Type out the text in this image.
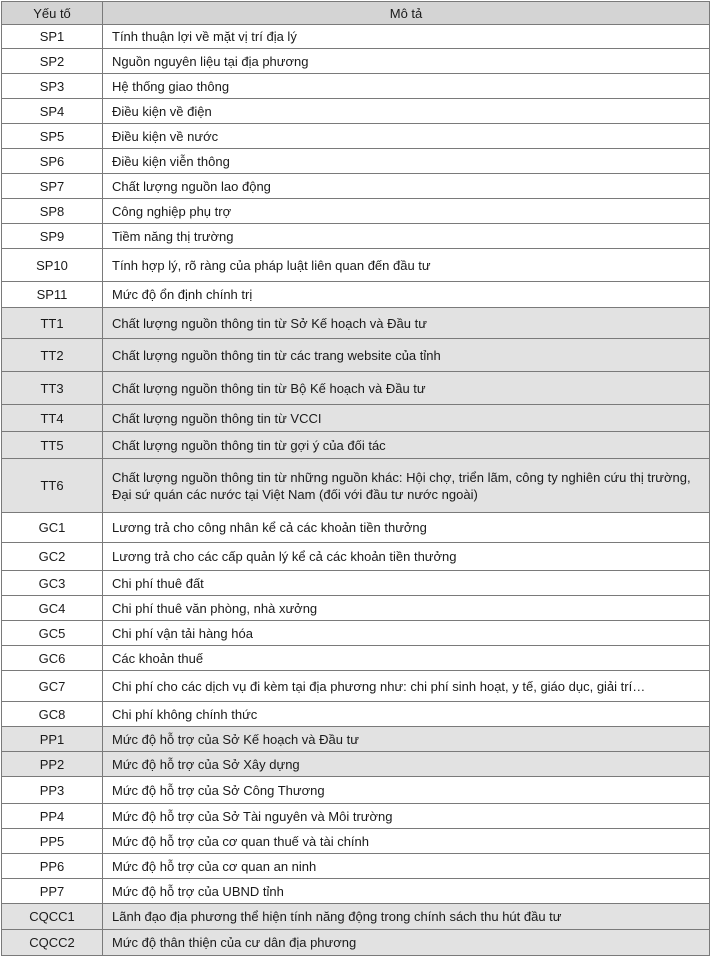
Yếu tố	Mô tả
SP1	Tính thuận lợi về mặt vị trí địa lý
SP2	Nguồn nguyên liệu tại địa phương
SP3	Hệ thống giao thông
SP4	Điều kiện về điện
SP5	Điều kiện về nước
SP6	Điều kiện viễn thông
SP7	Chất lượng nguồn lao động
SP8	Công nghiệp phụ trợ
SP9	Tiềm năng thị trường
SP10	Tính hợp lý, rõ ràng của pháp luật liên quan đến đầu tư
SP11	Mức độ ổn định chính trị
TT1	Chất lượng nguồn thông tin từ Sở Kế hoạch và Đầu tư
TT2	Chất lượng nguồn thông tin từ các trang website của tỉnh
TT3	Chất lượng nguồn thông tin từ Bộ Kế hoạch và Đầu tư
TT4	Chất lượng nguồn thông tin từ VCCI
TT5	Chất lượng nguồn thông tin từ gợi ý của đối tác
TT6	Chất lượng nguồn thông tin từ những nguồn khác: Hội chợ, triển lãm, công ty nghiên cứu thị trường, Đại sứ quán các nước tại Việt Nam (đối với đầu tư nước ngoài)
GC1	Lương trả cho công nhân kể cả các khoản tiền thưởng
GC2	Lương trả cho các cấp quản lý kể cả các khoản tiền thưởng
GC3	Chi phí thuê đất
GC4	Chi phí thuê văn phòng, nhà xưởng
GC5	Chi phí vận tải hàng hóa
GC6	Các khoản thuế
GC7	Chi phí cho các dịch vụ đi kèm tại địa phương như: chi phí sinh hoạt, y tế, giáo dục, giải trí…
GC8	Chi phí không chính thức
PP1	Mức độ hỗ trợ của Sở Kế hoạch và Đầu tư
PP2	Mức độ hỗ trợ của Sở Xây dựng
PP3	Mức độ hỗ trợ của Sở Công Thương
PP4	Mức độ hỗ trợ của Sở Tài nguyên và Môi trường
PP5	Mức độ hỗ trợ của cơ quan thuế và tài chính
PP6	Mức độ hỗ trợ của cơ quan an ninh
PP7	Mức độ hỗ trợ của UBND tỉnh
CQCC1	Lãnh đạo địa phương thể hiện tính năng động trong chính sách thu hút đầu tư
CQCC2	Mức độ thân thiện của cư dân địa phương
